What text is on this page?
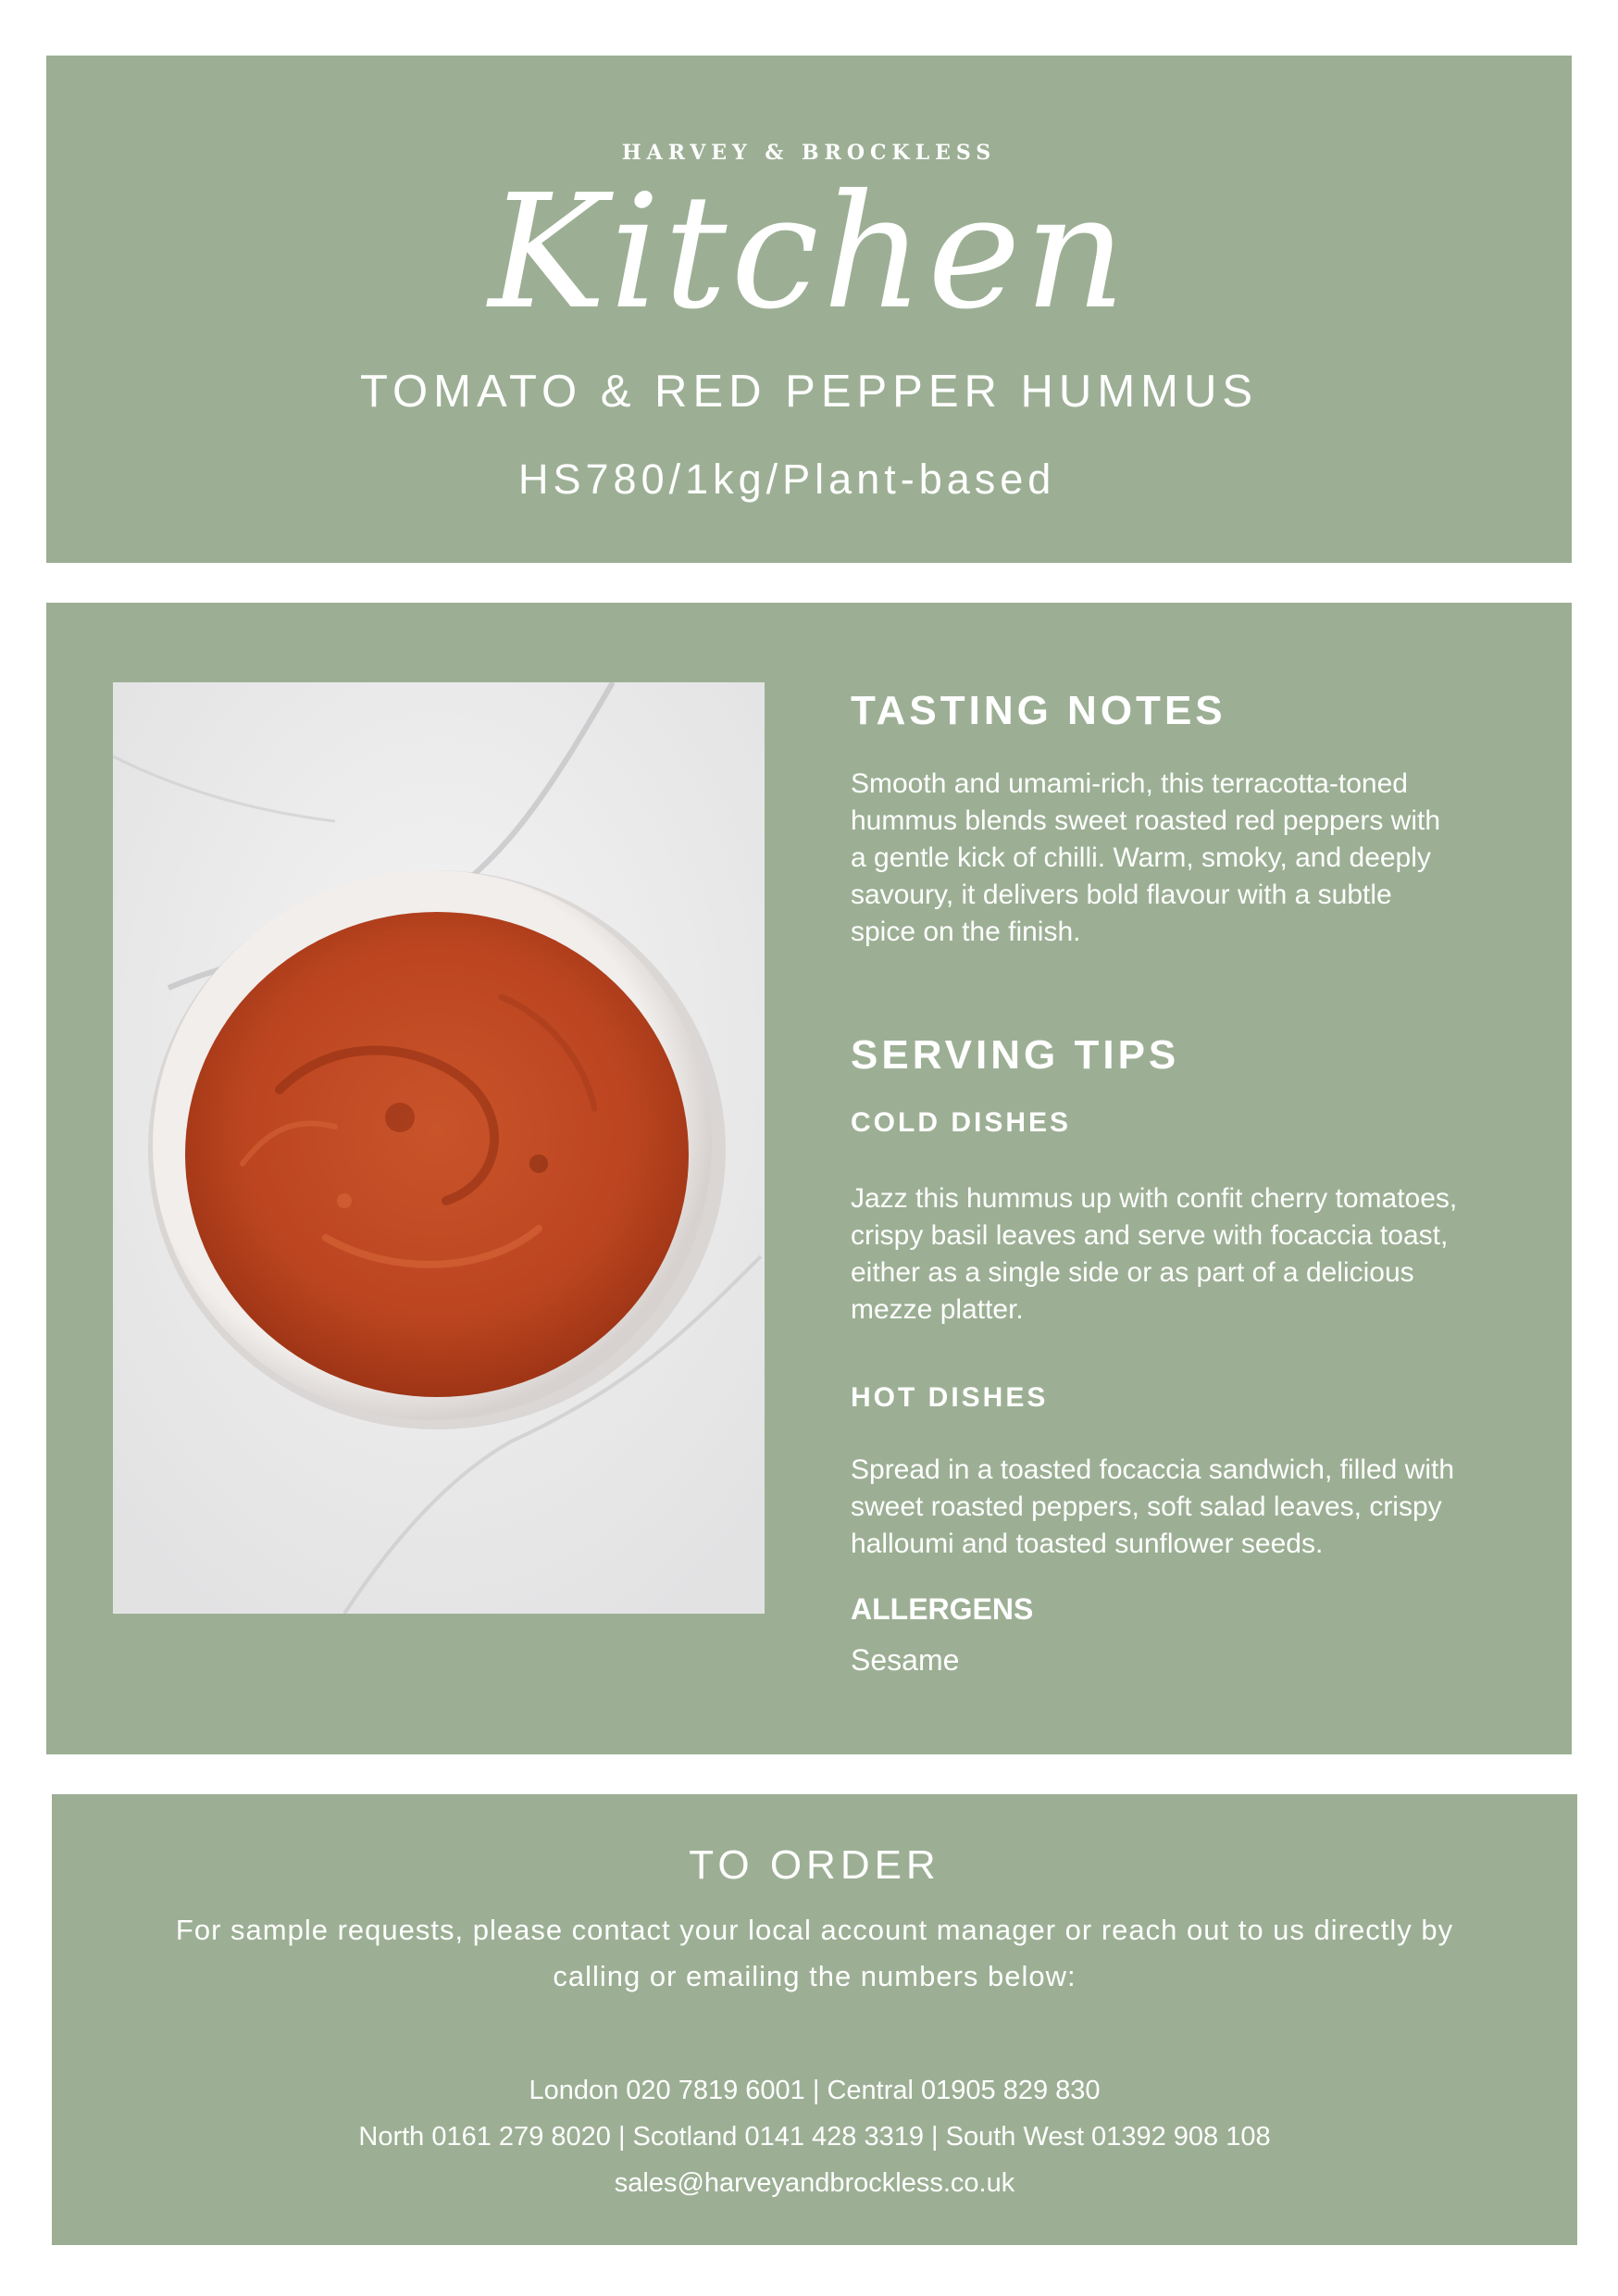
HARVEY & BROCKLESS
Kitchen
TOMATO & RED PEPPER HUMMUS
HS780/1kg/Plant-based
TASTING NOTES

Smooth and umami-rich, this terracotta-toned hummus blends sweet roasted red peppers with a gentle kick of chilli. Warm, smoky, and deeply savoury, it delivers bold flavour with a subtle spice on the finish.

SERVING TIPS
COLD DISHES

Jazz this hummus up with confit cherry tomatoes, crispy basil leaves and serve with focaccia toast, either as a single side or as part of a delicious mezze platter.

HOT DISHES

Spread in a toasted focaccia sandwich, filled with sweet roasted peppers, soft salad leaves, crispy halloumi and toasted sunflower seeds.

ALLERGENS
Sesame
TO ORDER
For sample requests, please contact your local account manager or reach out to us directly by calling or emailing the numbers below:
London 020 7819 6001 | Central 01905 829 830
North 0161 279 8020 | Scotland 0141 428 3319 | South West 01392 908 108
sales@harveyandbrockless.co.uk
